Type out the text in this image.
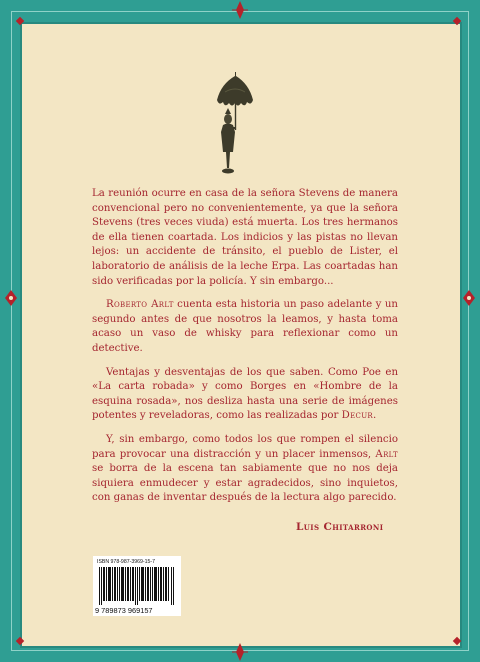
La reunión ocurre en casa de la señora Stevens de manera convencional pero no convenientemente, ya que la señora Stevens (tres veces viuda) está muerta. Los tres hermanos de ella tienen coartada. Los indicios y las pistas no llevan lejos: un accidente de tránsito, el pueblo de Lister, el laboratorio de análisis de la leche Erpa. Las coartadas han sido verificadas por la policía. Y sin embargo...

Roberto Arlt cuenta esta historia un paso adelante y un segundo antes de que nosotros la leamos, y hasta toma acaso un vaso de whisky para reflexionar como un detective.

Ventajas y desventajas de los que saben. Como Poe en «La carta robada» y como Borges en «Hombre de la esquina rosada», nos desliza hasta una serie de imágenes potentes y reveladoras, como las realizadas por Decur.

Y, sin embargo, como todos los que rompen el silencio para provocar una distracción y un placer inmensos, Arlt se borra de la escena tan sabiamente que no nos deja siquiera enmudecer y estar agradecidos, sino inquietos, con ganas de inventar después de la lectura algo parecido.

Luis Chitarroni
ISBN 978-987-3969-15-7
9 789873 969157
